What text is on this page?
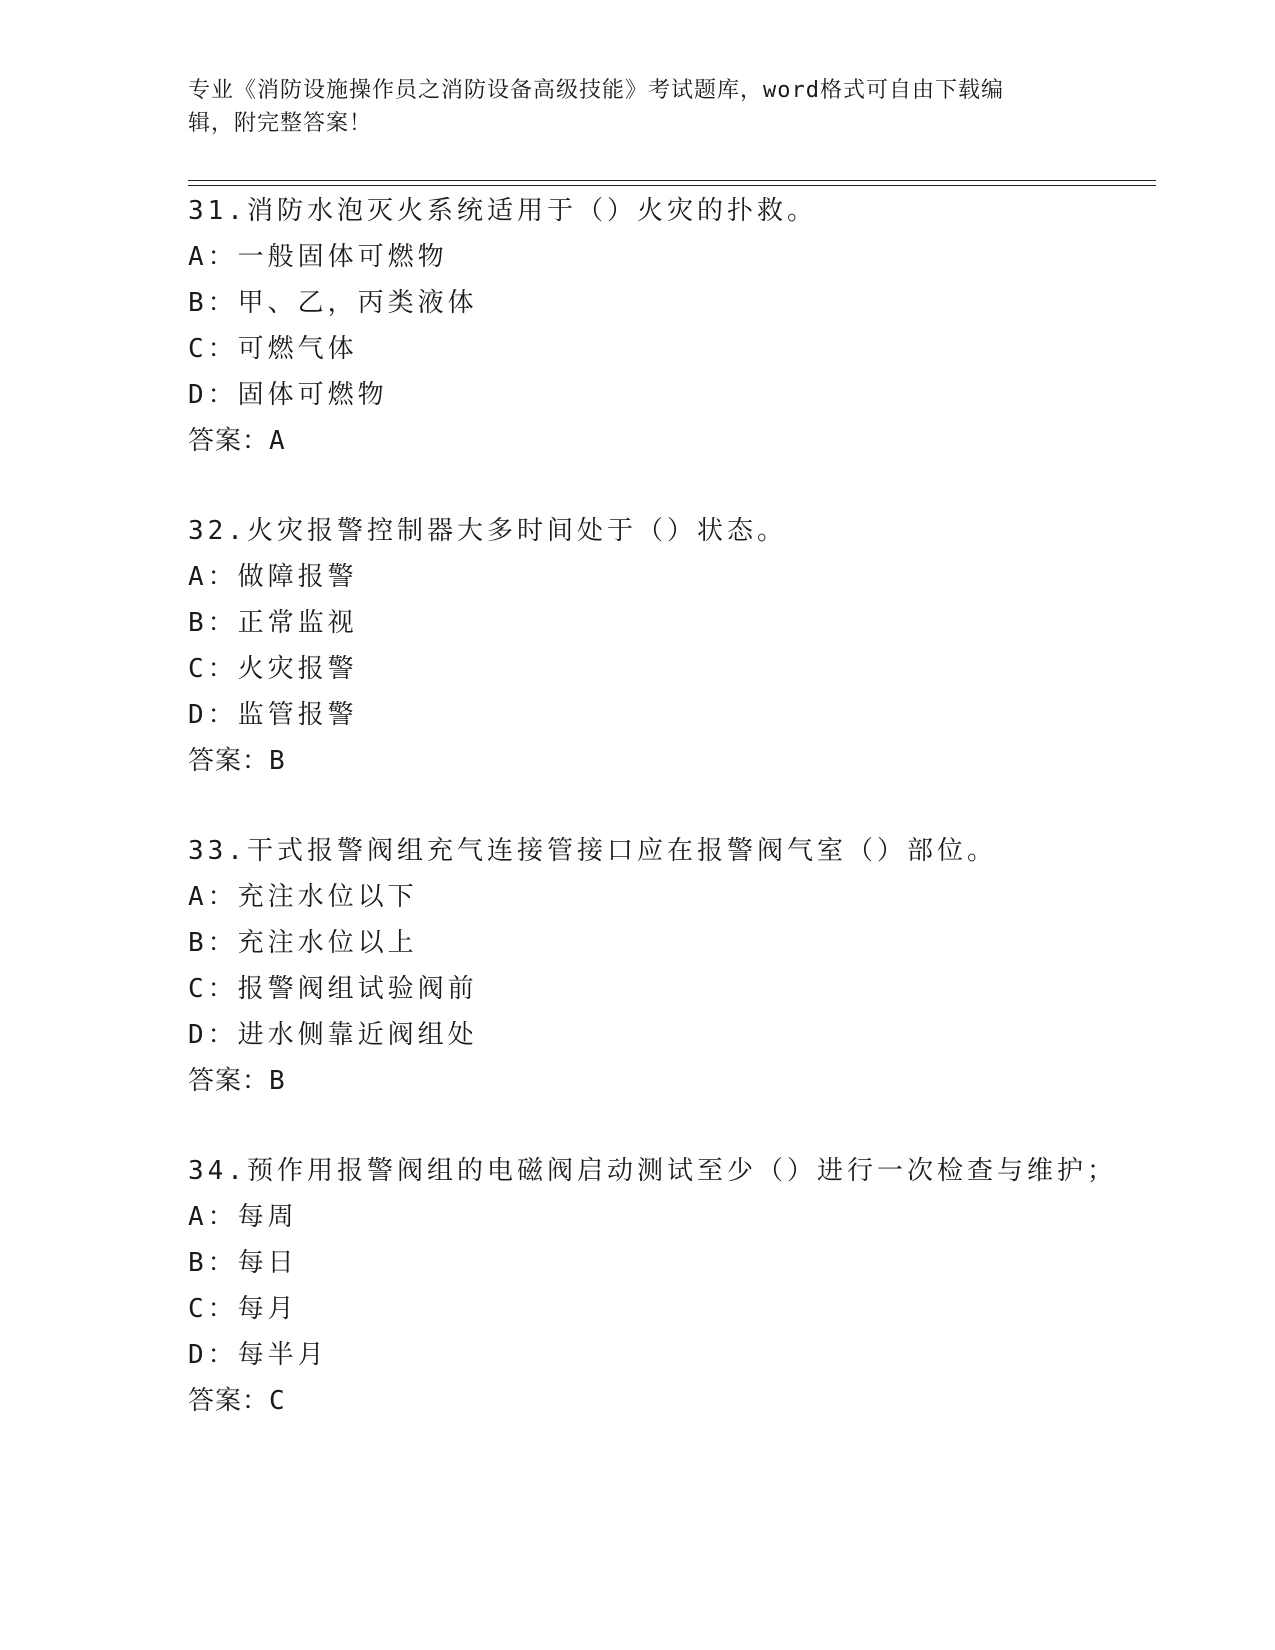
专业《消防设施操作员之消防设备高级技能》考试题库，word格式可自由下载编
辑，附完整答案！
31.消防水泡灭火系统适用于（）火灾的扑救。
A：一般固体可燃物
B：甲、乙，丙类液体
C：可燃气体
D：固体可燃物
答案：A
32.火灾报警控制器大多时间处于（）状态。
A：做障报警
B：正常监视
C：火灾报警
D：监管报警
答案：B
33.干式报警阀组充气连接管接口应在报警阀气室（）部位。
A：充注水位以下
B：充注水位以上
C：报警阀组试验阀前
D：进水侧靠近阀组处
答案：B
34.预作用报警阀组的电磁阀启动测试至少（）进行一次检查与维护；
A：每周
B：每日
C：每月
D：每半月
答案：C
